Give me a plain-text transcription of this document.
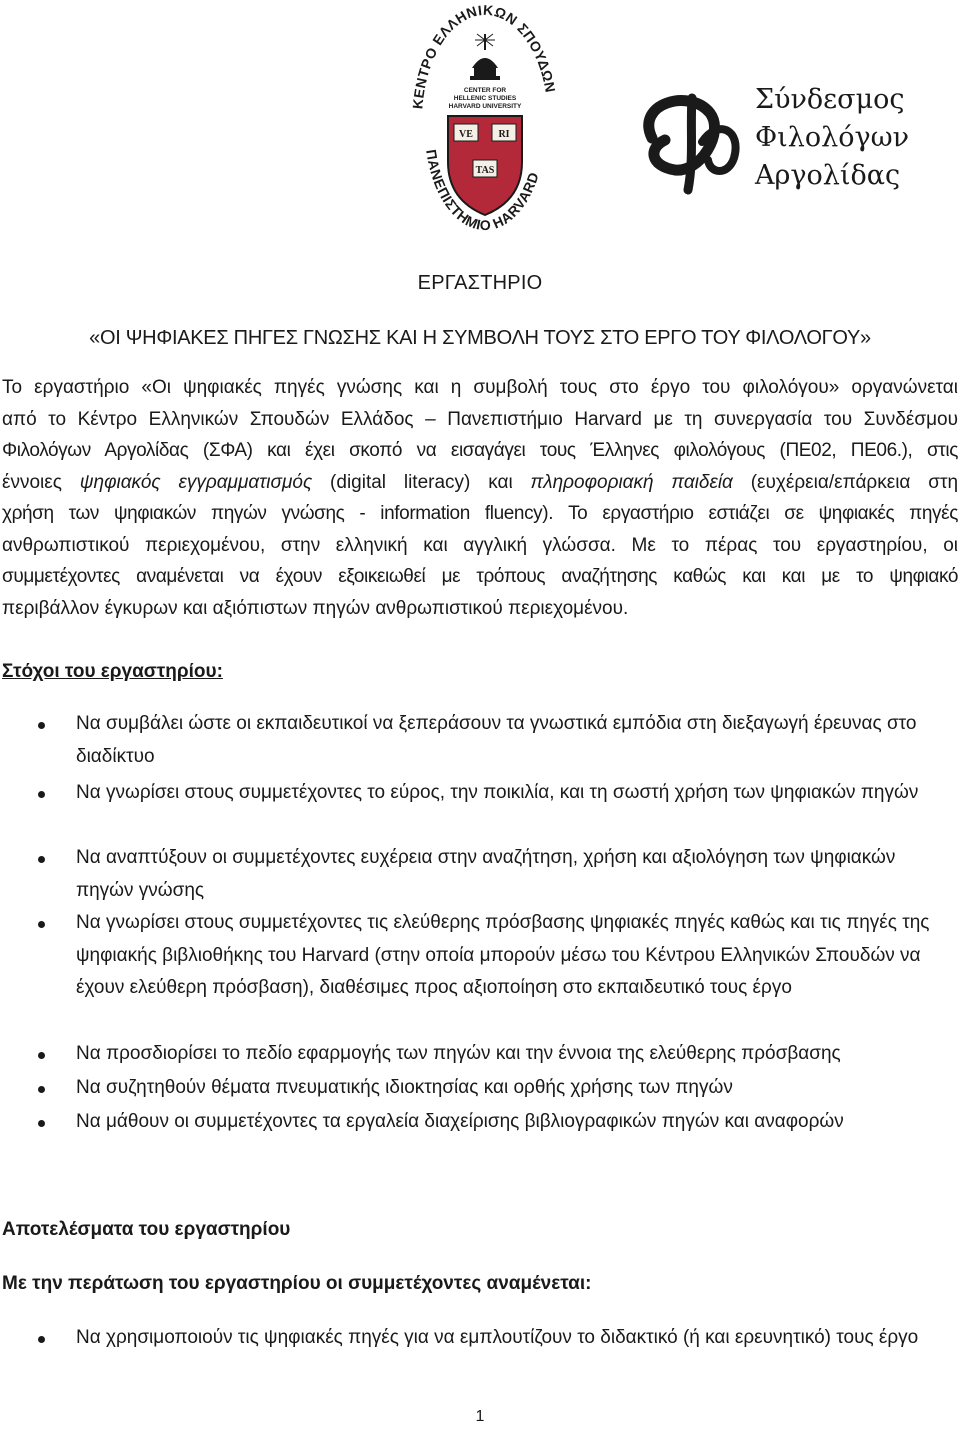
ΚΕΝΤΡΟ ΕΛΛΗΝΙΚΩΝ ΣΠΟΥΔΩΝ
ΠΑΝΕΠΙΣΤΗΜΙΟ HARVARD
CENTER FOR
HELLENIC STUDIES
HARVARD UNIVERSITY
VE	RI
TAS
Σύνδεσμος
Φιλολόγων
Αργολίδας
ΕΡΓΑΣΤΗΡΙΟ
«ΟΙ ΨΗΦΙΑΚΕΣ ΠΗΓΕΣ ΓΝΩΣΗΣ ΚΑΙ Η ΣΥΜΒΟΛΗ ΤΟΥΣ ΣΤΟ ΕΡΓΟ ΤΟΥ ΦΙΛΟΛΟΓΟΥ»
Το εργαστήριο «Οι ψηφιακές πηγές γνώσης και η συμβολή τους στο έργο του φιλολόγου» οργανώνεται
από το Κέντρο Ελληνικών Σπουδών Ελλάδος – Πανεπιστήμιο Harvard με τη συνεργασία του Συνδέσμου
Φιλολόγων Αργολίδας (ΣΦΑ) και έχει σκοπό να εισαγάγει τους Έλληνες φιλολόγους (ΠΕ02, ΠΕ06.), στις
έννοιες ψηφιακός εγγραμματισμός (digital literacy) και πληροφοριακή παιδεία (ευχέρεια/επάρκεια στη
χρήση των ψηφιακών πηγών γνώσης - information fluency). Το εργαστήριο εστιάζει σε ψηφιακές πηγές
ανθρωπιστικού περιεχομένου, στην ελληνική και αγγλική γλώσσα. Με το πέρας του εργαστηρίου, οι
συμμετέχοντες αναμένεται να έχουν εξοικειωθεί με τρόπους αναζήτησης καθώς και και με το ψηφιακό
περιβάλλον έγκυρων και αξιόπιστων πηγών ανθρωπιστικού περιεχομένου.
Στόχοι του εργαστηρίου:
Να συμβάλει ώστε οι εκπαιδευτικοί να ξεπεράσουν τα γνωστικά εμπόδια στη διεξαγωγή έρευνας στο διαδίκτυο
Να γνωρίσει στους συμμετέχοντες το εύρος, την ποικιλία, και τη σωστή χρήση των ψηφιακών πηγών
Να αναπτύξουν οι συμμετέχοντες ευχέρεια στην αναζήτηση, χρήση και αξιολόγηση των ψηφιακών πηγών γνώσης
Να γνωρίσει στους συμμετέχοντες τις ελεύθερης πρόσβασης ψηφιακές πηγές καθώς και τις πηγές της ψηφιακής βιβλιοθήκης του Harvard (στην οποία μπορούν μέσω του Κέντρου Ελληνικών Σπουδών να έχουν ελεύθερη πρόσβαση), διαθέσιμες προς αξιοποίηση στο εκπαιδευτικό τους έργο
Να προσδιορίσει το πεδίο εφαρμογής των πηγών και την έννοια της ελεύθερης πρόσβασης
Να συζητηθούν θέματα πνευματικής ιδιοκτησίας και ορθής χρήσης των πηγών
Να μάθουν οι συμμετέχοντες τα εργαλεία διαχείρισης βιβλιογραφικών πηγών και αναφορών
Αποτελέσματα του εργαστηρίου
Με την περάτωση του εργαστηρίου οι συμμετέχοντες αναμένεται:
Να χρησιμοποιούν τις ψηφιακές πηγές για να εμπλουτίζουν το διδακτικό (ή και ερευνητικό) τους έργο
1
